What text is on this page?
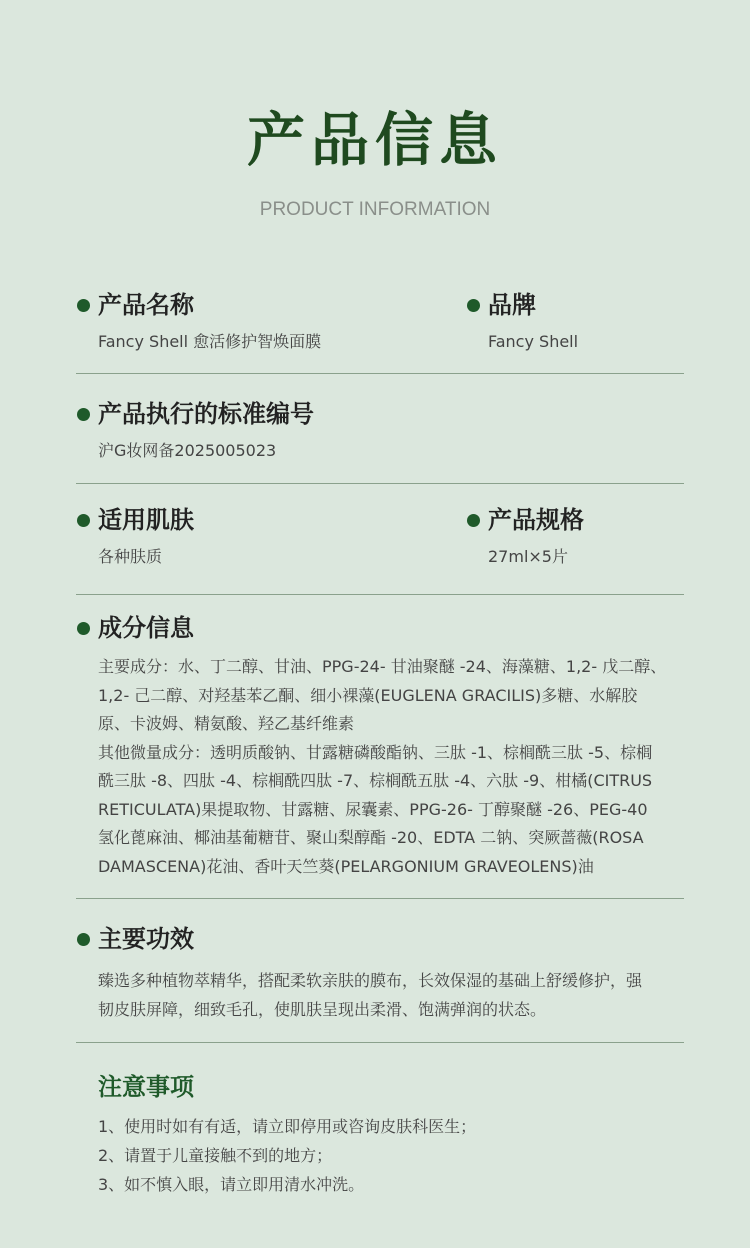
产品信息
PRODUCT INFORMATION
产品名称
Fancy Shell 愈活修护智焕面膜
品牌
Fancy Shell
产品执行的标准编号
沪G妆网备2025005023
适用肌肤
各种肤质
产品规格
27ml×5片
成分信息
主要成分：水、丁二醇、甘油、PPG-24- 甘油聚醚 -24、海藻糖、1,2- 戊二醇、
1,2- 己二醇、对羟基苯乙酮、细小裸藻(EUGLENA GRACILIS)多糖、水解胶
原、卡波姆、精氨酸、羟乙基纤维素
其他微量成分：透明质酸钠、甘露糖磷酸酯钠、三肽 -1、棕榈酰三肽 -5、棕榈
酰三肽 -8、四肽 -4、棕榈酰四肽 -7、棕榈酰五肽 -4、六肽 -9、柑橘(CITRUS
RETICULATA)果提取物、甘露糖、尿囊素、PPG-26- 丁醇聚醚 -26、PEG-40
氢化蓖麻油、椰油基葡糖苷、聚山梨醇酯 -20、EDTA 二钠、突厥蔷薇(ROSA
DAMASCENA)花油、香叶天竺葵(PELARGONIUM GRAVEOLENS)油
主要功效
臻选多种植物萃精华，搭配柔软亲肤的膜布，长效保湿的基础上舒缓修护，强
韧皮肤屏障，细致毛孔，使肌肤呈现出柔滑、饱满弹润的状态。
注意事项
1、使用时如有有适，请立即停用或咨询皮肤科医生；
2、请置于儿童接触不到的地方；
3、如不慎入眼，请立即用清水冲洗。
